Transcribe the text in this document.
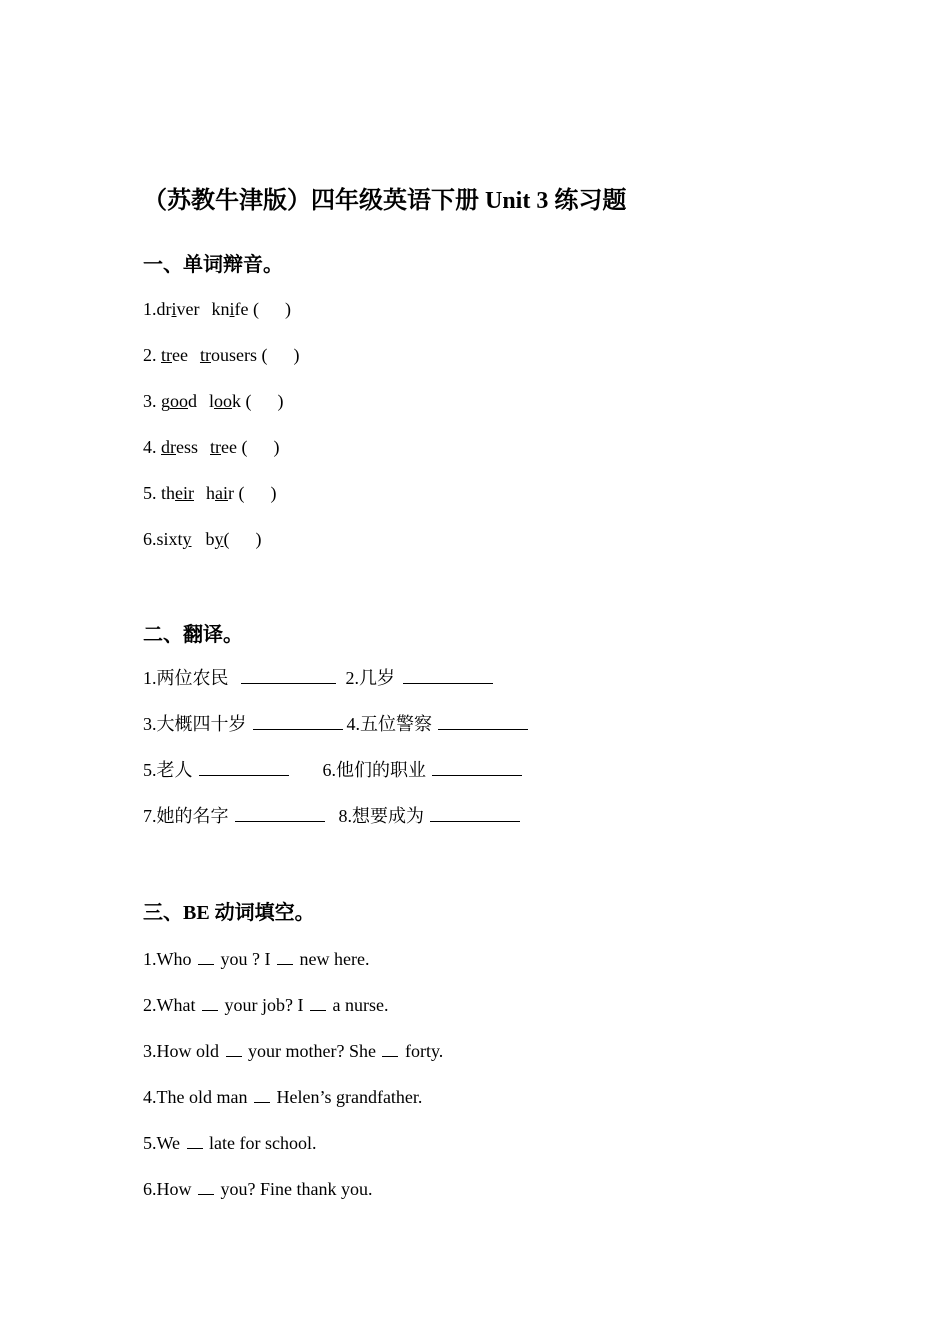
（苏教牛津版）四年级英语下册 Unit 3 练习题
一、单词辩音。
1.driver knife ( )
2. tree trousers ( )
3. good look ( )
4. dress tree ( )
5. their hair ( )
6.sixty by( )
二、翻译。
1.两位农民	2.几岁
3.大概四十岁	4.五位警察
5.老人	6.他们的职业
7.她的名字	8.想要成为
三、BE 动词填空。
1.Who you ? I new here.
2.What your job? I a nurse.
3.How old your mother? She forty.
4.The old man Helen’s grandfather.
5.We  late for school.
6.How you? Fine thank you.
